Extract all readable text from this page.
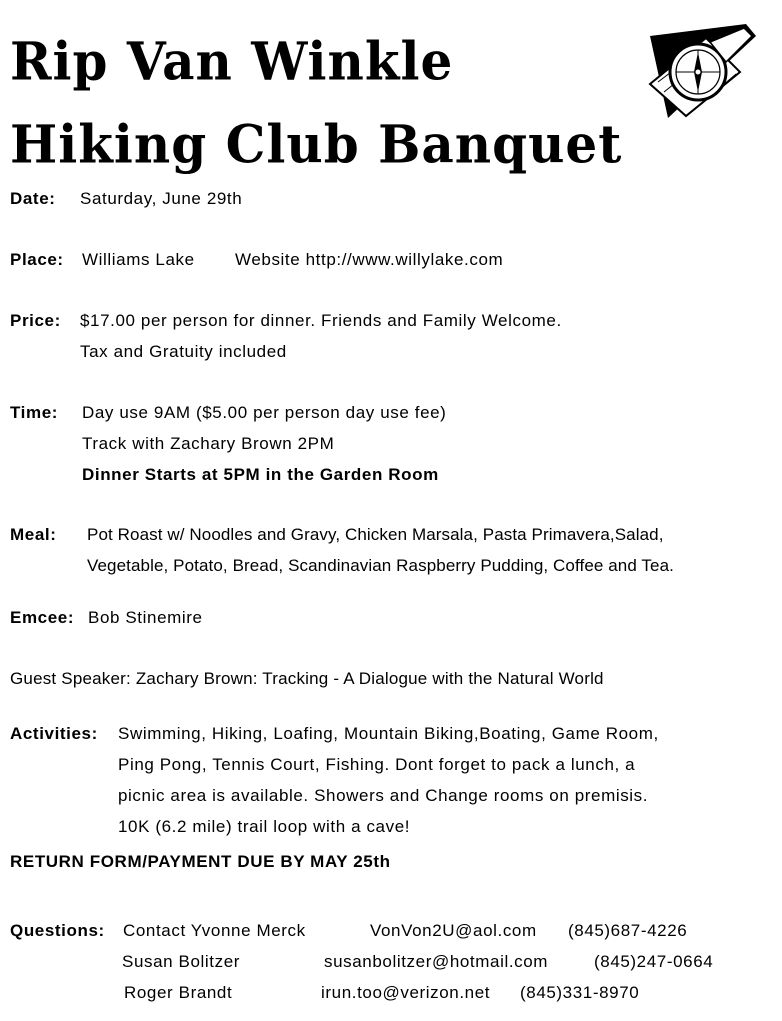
Rip Van Winkle
Hiking Club Banquet
Date: Saturday, June 29th
Place: Williams Lake Website http://www.willylake.com
Price: $17.00 per person for dinner. Friends and Family Welcome.
Tax and Gratuity included
Time: Day use 9AM ($5.00 per person day use fee)
Track with Zachary Brown 2PM
Dinner Starts at 5PM in the Garden Room
Meal: Pot Roast w/ Noodles and Gravy, Chicken Marsala, Pasta Primavera,Salad,
Vegetable, Potato, Bread, Scandinavian Raspberry Pudding, Coffee and Tea.
Emcee: Bob Stinemire
Guest Speaker: Zachary Brown: Tracking - A Dialogue with the Natural World
Activities: Swimming, Hiking, Loafing, Mountain Biking,Boating, Game Room,
Ping Pong, Tennis Court, Fishing. Dont forget to pack a lunch, a
picnic area is available. Showers and Change rooms on premisis.
10K (6.2 mile) trail loop with a cave!
RETURN FORM/PAYMENT DUE BY MAY 25th
Questions: Contact Yvonne Merck	VonVon2U@aol.com (845)687-4226
Susan Bolitzer	susanbolitzer@hotmail.com	(845)247-0664
Roger Brandt	irun.too@verizon.net (845)331-8970
